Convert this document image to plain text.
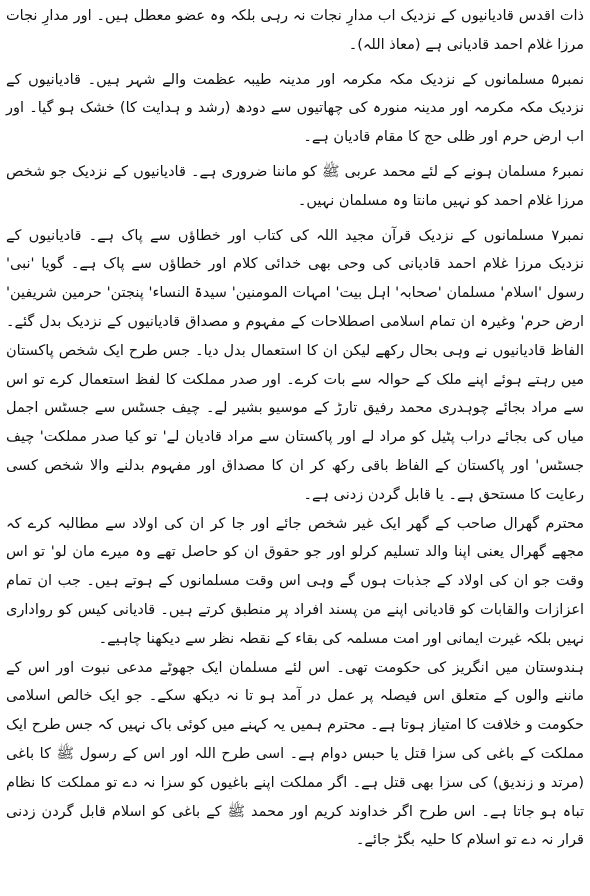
ذات اقدس قادیانیوں کے نزدیک اب مدارِ نجات نہ رہی بلکہ وہ عضو معطل ہیں۔ اور مدارِ نجات مرزا غلام احمد قادیانی ہے (معاذ اللہ)۔

نمبر۵ مسلمانوں کے نزدیک مکہ مکرمہ اور مدینہ طیبہ عظمت والے شہر ہیں۔ قادیانیوں کے نزدیک مکہ مکرمہ اور مدینہ منورہ کی چھاتیوں سے دودھ (رشد و ہدایت کا) خشک ہو گیا۔ اور اب ارض حرم اور ظلی حج کا مقام قادیان ہے۔

نمبر۶ مسلمان ہونے کے لئے محمد عربی ﷺ کو ماننا ضروری ہے۔ قادیانیوں کے نزدیک جو شخص مرزا غلام احمد کو نہیں مانتا وہ مسلمان نہیں۔

نمبر۷ مسلمانوں کے نزدیک قرآن مجید اللہ کی کتاب اور خطاؤں سے پاک ہے۔ قادیانیوں کے نزدیک مرزا غلام احمد قادیانی کی وحی بھی خدائی کلام اور خطاؤں سے پاک ہے۔ گویا 'نبی' رسول 'اسلام' مسلمان 'صحابہ' اہل بیت' امہات المومنین' سیدۃ النساء' پنجتن' حرمین شریفین' ارض حرم' وغیرہ ان تمام اسلامی اصطلاحات کے مفہوم و مصداق قادیانیوں کے نزدیک بدل گئے۔ الفاظ قادیانیوں نے وہی بحال رکھے لیکن ان کا استعمال بدل دیا۔ جس طرح ایک شخص پاکستان میں رہتے ہوئے اپنے ملک کے حوالہ سے بات کرے۔ اور صدر مملکت کا لفظ استعمال کرے تو اس سے مراد بجائے چوہدری محمد رفیق تارڑ کے موسیو بشیر لے۔ چیف جسٹس سے جسٹس اجمل میاں کی بجائے دراب پٹیل کو مراد لے اور پاکستان سے مراد قادیان لے' تو کیا صدر مملکت' چیف جسٹس' اور پاکستان کے الفاظ باقی رکھ کر ان کا مصداق اور مفہوم بدلنے والا شخص کسی رعایت کا مستحق ہے۔ یا قابل گردن زدنی ہے۔

محترم گھرال صاحب کے گھر ایک غیر شخص جائے اور جا کر ان کی اولاد سے مطالبہ کرے کہ مجھے گھرال یعنی اپنا والد تسلیم کرلو اور جو حقوق ان کو حاصل تھے وہ میرے مان لو' تو اس وقت جو ان کی اولاد کے جذبات ہوں گے وہی اس وقت مسلمانوں کے ہوتے ہیں۔ جب ان تمام اعزازات والقابات کو قادیانی اپنے من پسند افراد پر منطبق کرتے ہیں۔ قادیانی کیس کو رواداری نہیں بلکہ غیرت ایمانی اور امت مسلمہ کی بقاء کے نقطہ نظر سے دیکھنا چاہیے۔

ہندوستان میں انگریز کی حکومت تھی۔ اس لئے مسلمان ایک جھوٹے مدعی نبوت اور اس کے ماننے والوں کے متعلق اس فیصلہ پر عمل در آمد ہو تا نہ دیکھ سکے۔ جو ایک خالص اسلامی حکومت و خلافت کا امتیاز ہوتا ہے۔ محترم ہمیں یہ کہنے میں کوئی باک نہیں کہ جس طرح ایک مملکت کے باغی کی سزا قتل یا حبس دوام ہے۔ اسی طرح اللہ اور اس کے رسول ﷺ کا باغی (مرتد و زندیق) کی سزا بھی قتل ہے۔ اگر مملکت اپنے باغیوں کو سزا نہ دے تو مملکت کا نظام تباہ ہو جاتا ہے۔ اس طرح اگر خداوند کریم اور محمد ﷺ کے باغی کو اسلام قابل گردن زدنی قرار نہ دے تو اسلام کا حلیہ بگڑ جائے۔
